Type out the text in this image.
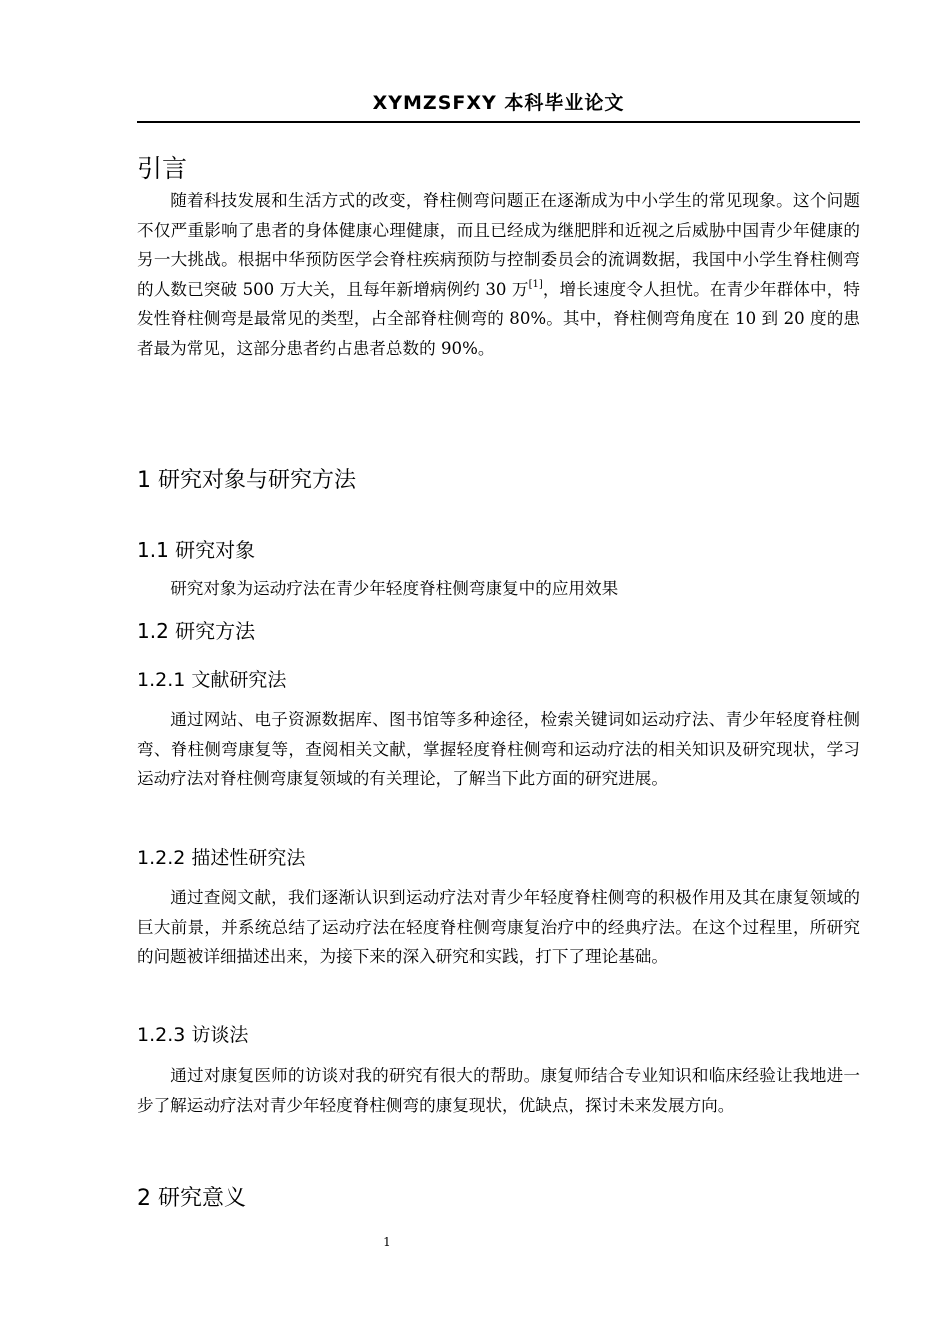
XYMZSFXY 本科毕业论文
引言

随着科技发展和生活方式的改变，脊柱侧弯问题正在逐渐成为中小学生的常见现象。这个问题不仅严重影响了患者的身体健康心理健康，而且已经成为继肥胖和近视之后威胁中国青少年健康的另一大挑战。根据中华预防医学会脊柱疾病预防与控制委员会的流调数据，我国中小学生脊柱侧弯的人数已突破 500 万大关，且每年新增病例约 30 万[1]，增长速度令人担忧。在青少年群体中，特发性脊柱侧弯是最常见的类型，占全部脊柱侧弯的 80%。其中，脊柱侧弯角度在 10 到 20 度的患者最为常见，这部分患者约占患者总数的 90%。

1 研究对象与研究方法
1.1 研究对象

研究对象为运动疗法在青少年轻度脊柱侧弯康复中的应用效果

1.2 研究方法
1.2.1 文献研究法

通过网站、电子资源数据库、图书馆等多种途径，检索关键词如运动疗法、青少年轻度脊柱侧弯、脊柱侧弯康复等，查阅相关文献，掌握轻度脊柱侧弯和运动疗法的相关知识及研究现状，学习运动疗法对脊柱侧弯康复领域的有关理论，了解当下此方面的研究进展。

1.2.2 描述性研究法

通过查阅文献，我们逐渐认识到运动疗法对青少年轻度脊柱侧弯的积极作用及其在康复领域的巨大前景，并系统总结了运动疗法在轻度脊柱侧弯康复治疗中的经典疗法。在这个过程里，所研究的问题被详细描述出来，为接下来的深入研究和实践，打下了理论基础。

1.2.3 访谈法

通过对康复医师的访谈对我的研究有很大的帮助。康复师结合专业知识和临床经验让我地进一步了解运动疗法对青少年轻度脊柱侧弯的康复现状，优缺点，探讨未来发展方向。

2 研究意义
1
